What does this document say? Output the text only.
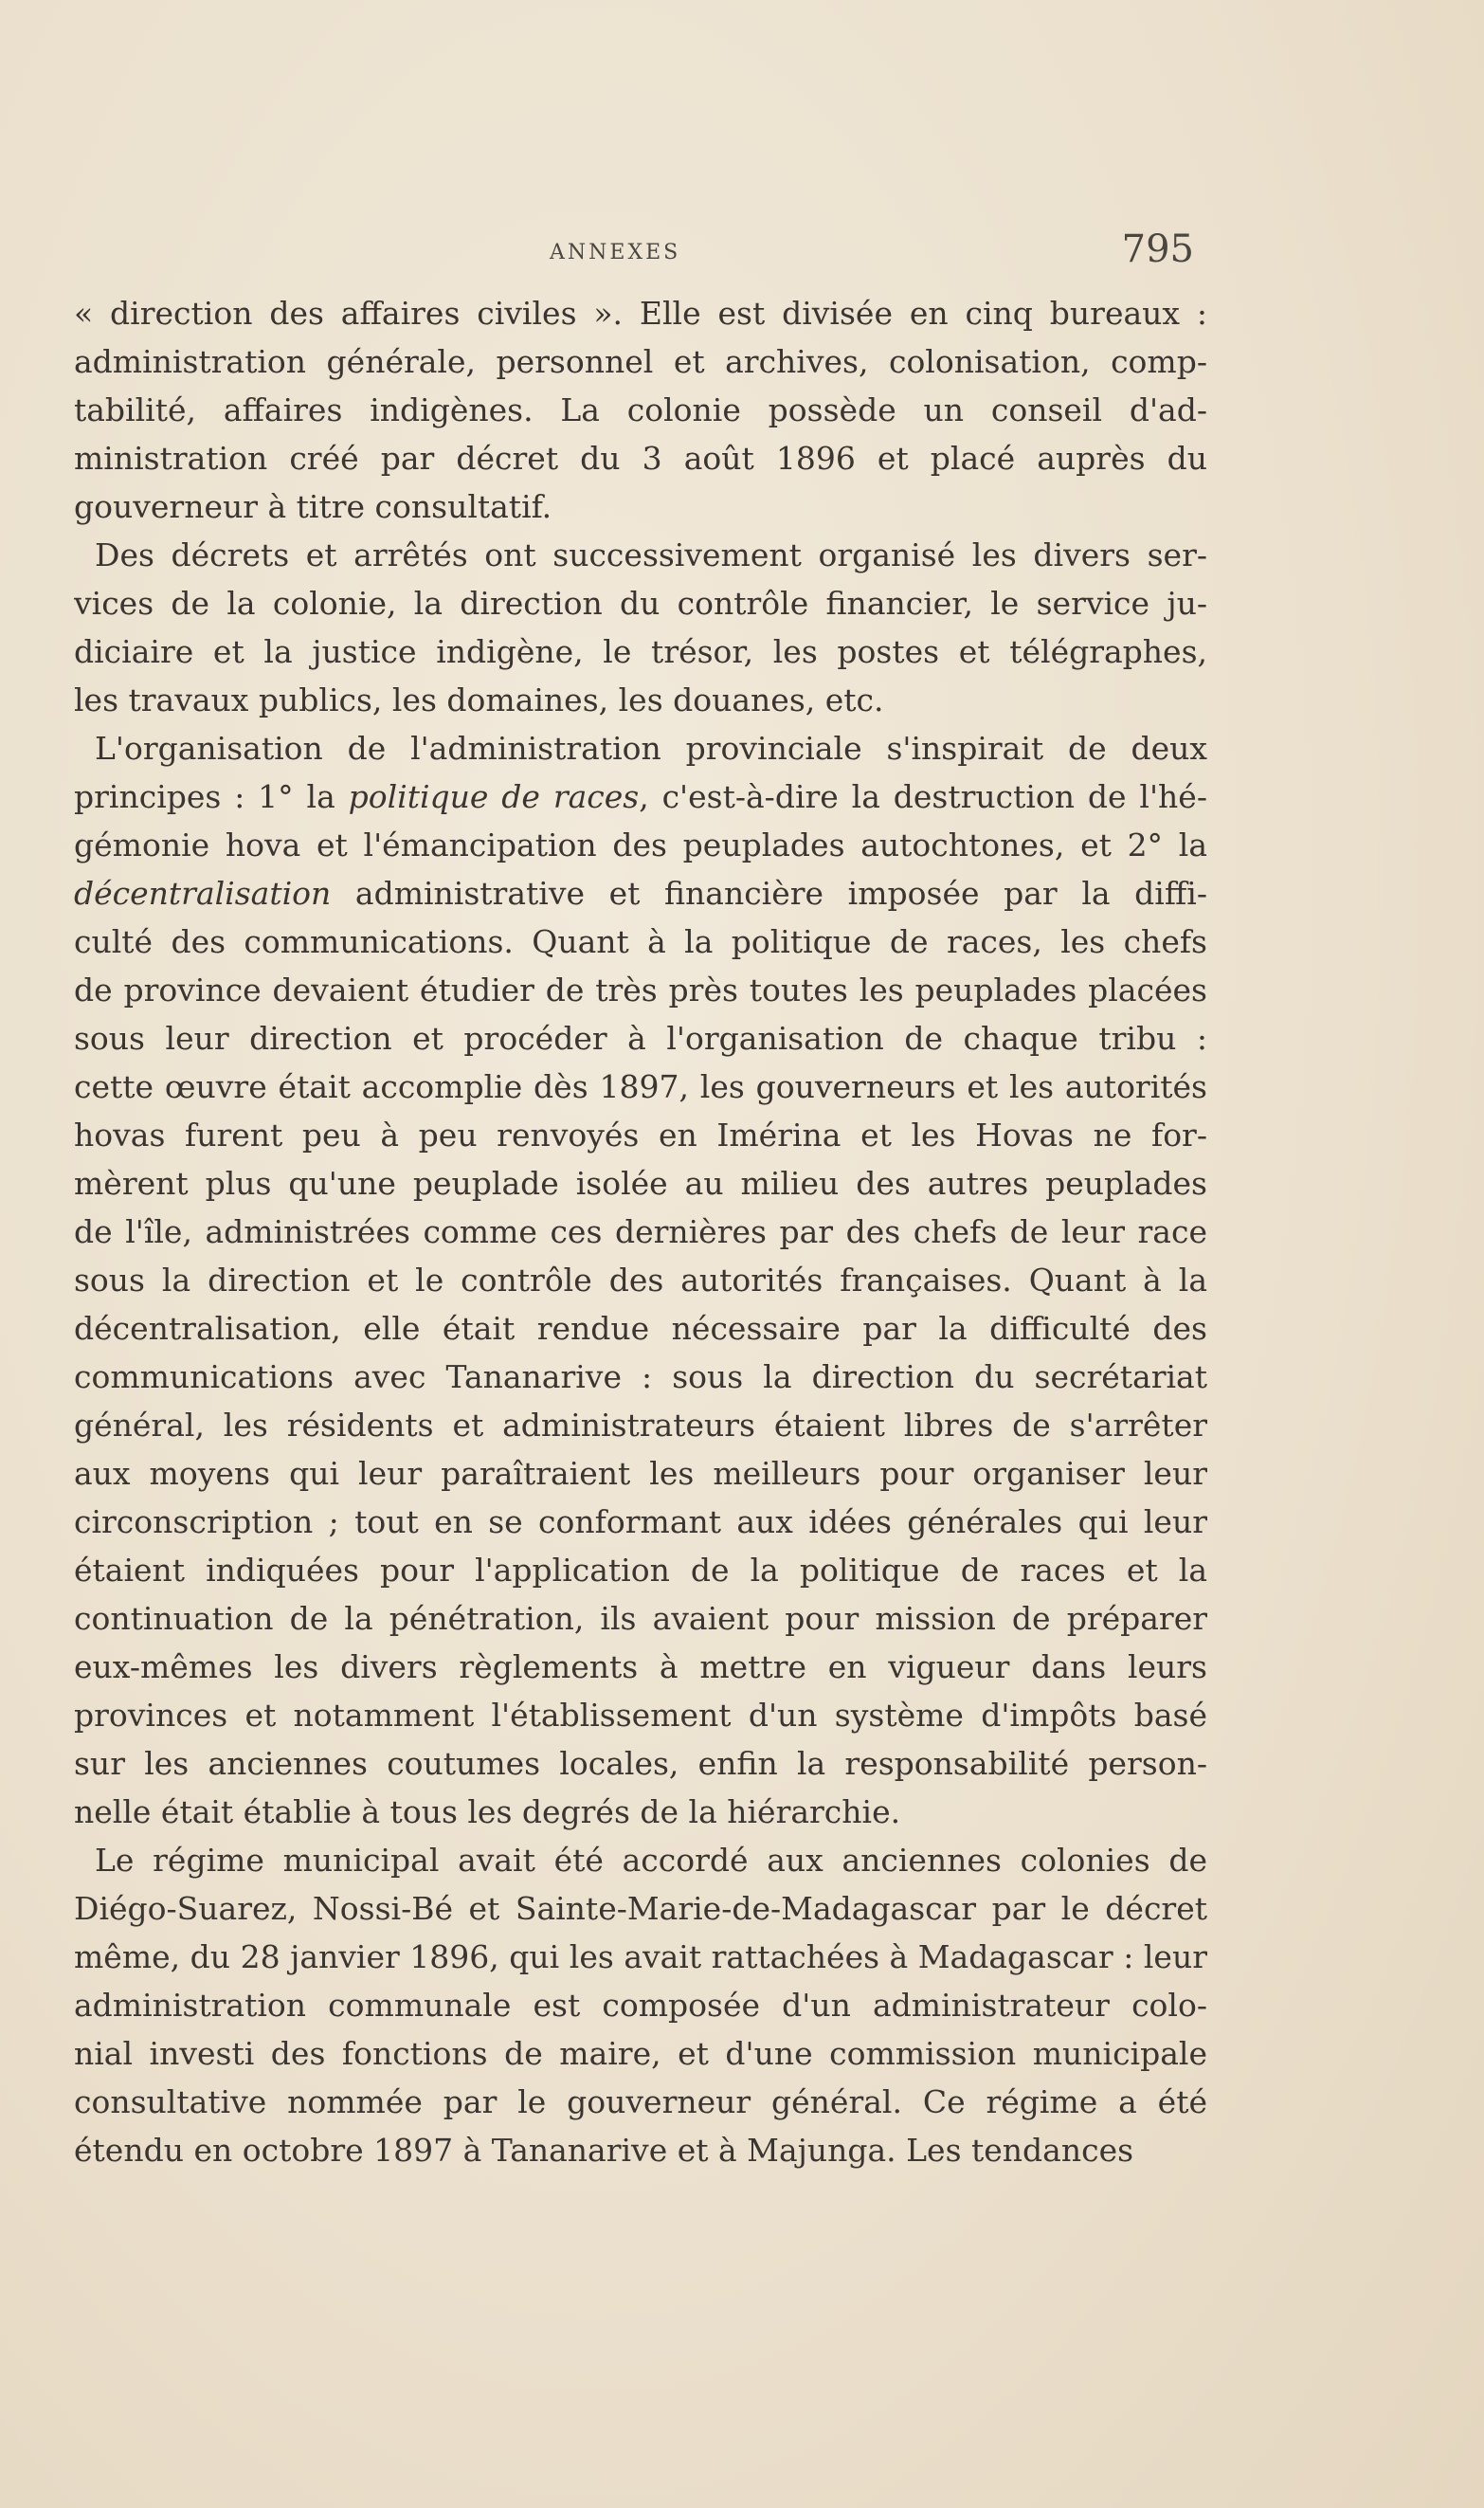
ANNEXES	795
« direction des affaires civiles ». Elle est divisée en cinq bureaux :
administration générale, personnel et archives, colonisation, comp-
tabilité, affaires indigènes. La colonie possède un conseil d'ad-
ministration créé par décret du 3 août 1896 et placé auprès du
gouverneur à titre consultatif.
Des décrets et arrêtés ont successivement organisé les divers ser-
vices de la colonie, la direction du contrôle financier, le service ju-
diciaire et la justice indigène, le trésor, les postes et télégraphes,
les travaux publics, les domaines, les douanes, etc.
L'organisation de l'administration provinciale s'inspirait de deux
principes : 1° la politique de races, c'est-à-dire la destruction de l'hé-
gémonie hova et l'émancipation des peuplades autochtones, et 2° la
décentralisation administrative et financière imposée par la diffi-
culté des communications. Quant à la politique de races, les chefs
de province devaient étudier de très près toutes les peuplades placées
sous leur direction et procéder à l'organisation de chaque tribu :
cette œuvre était accomplie dès 1897, les gouverneurs et les autorités
hovas furent peu à peu renvoyés en Imérina et les Hovas ne for-
mèrent plus qu'une peuplade isolée au milieu des autres peuplades
de l'île, administrées comme ces dernières par des chefs de leur race
sous la direction et le contrôle des autorités françaises. Quant à la
décentralisation, elle était rendue nécessaire par la difficulté des
communications avec Tananarive : sous la direction du secrétariat
général, les résidents et administrateurs étaient libres de s'arrêter
aux moyens qui leur paraîtraient les meilleurs pour organiser leur
circonscription ; tout en se conformant aux idées générales qui leur
étaient indiquées pour l'application de la politique de races et la
continuation de la pénétration, ils avaient pour mission de préparer
eux-mêmes les divers règlements à mettre en vigueur dans leurs
provinces et notamment l'établissement d'un système d'impôts basé
sur les anciennes coutumes locales, enfin la responsabilité person-
nelle était établie à tous les degrés de la hiérarchie.
Le régime municipal avait été accordé aux anciennes colonies de
Diégo-Suarez, Nossi-Bé et Sainte-Marie-de-Madagascar par le décret
même, du 28 janvier 1896, qui les avait rattachées à Madagascar : leur
administration communale est composée d'un administrateur colo-
nial investi des fonctions de maire, et d'une commission municipale
consultative nommée par le gouverneur général. Ce régime a été
étendu en octobre 1897 à Tananarive et à Majunga. Les tendances
